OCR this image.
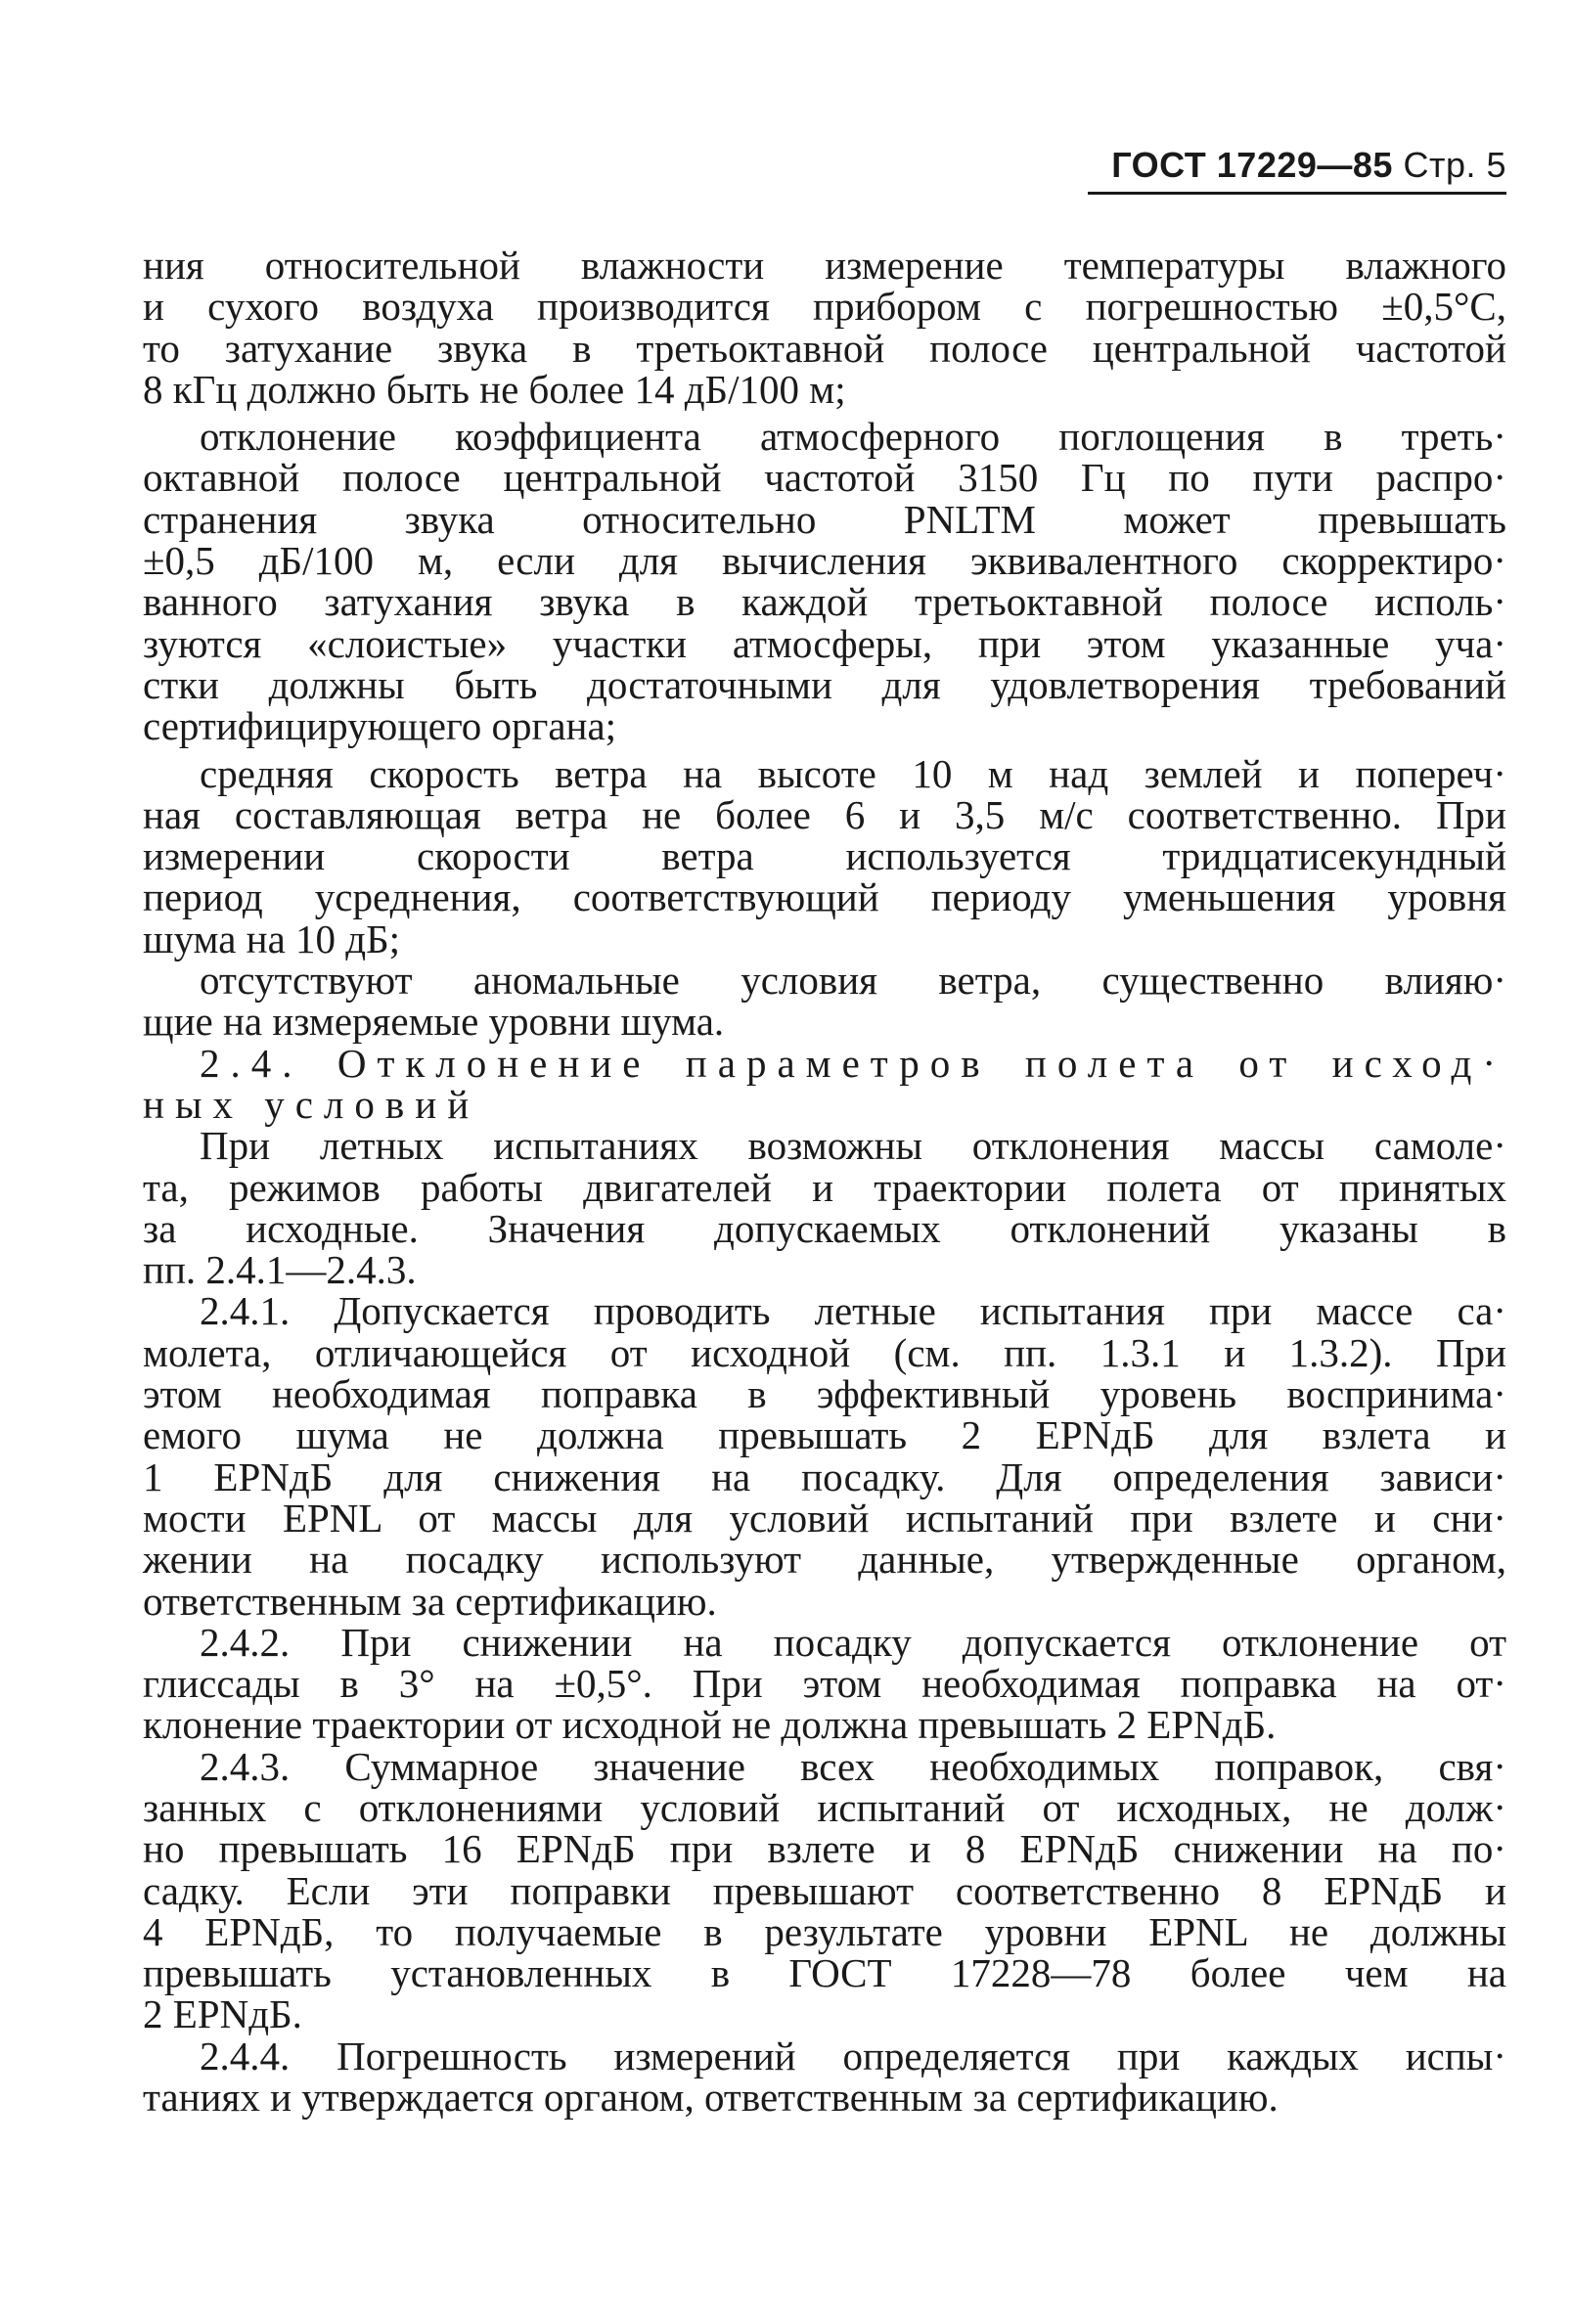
ГОСТ 17229—85 Стр. 5
ния относительной влажности измерение температуры влажного
и сухого воздуха производится прибором с погрешностью ±0,5°С,
то затухание звука в третьоктавной полосе центральной частотой
8 кГц должно быть не более 14 дБ/100 м;
отклонение коэффициента атмосферного поглощения в треть·
октавной полосе центральной частотой 3150 Гц по пути распро·
странения звука относительно PNLTM может превышать
±0,5 дБ/100 м, если для вычисления эквивалентного скорректиро·
ванного затухания звука в каждой третьоктавной полосе исполь·
зуются «слоистые» участки атмосферы, при этом указанные уча·
стки должны быть достаточными для удовлетворения требований
сертифицирующего органа;
средняя скорость ветра на высоте 10 м над землей и попереч·
ная составляющая ветра не более 6 и 3,5 м/с соответственно. При
измерении скорости ветра используется тридцатисекундный
период усреднения, соответствующий периоду уменьшения уровня
шума на 10 дБ;
отсутствуют аномальные условия ветра, существенно влияю·
щие на измеряемые уровни шума.
2.4. Отклонение параметров полета от исход·
ных условий
При летных испытаниях возможны отклонения массы самоле·
та, режимов работы двигателей и траектории полета от принятых
за исходные. Значения допускаемых отклонений указаны в
пп. 2.4.1—2.4.3.
2.4.1. Допускается проводить летные испытания при массе са·
молета, отличающейся от исходной (см. пп. 1.3.1 и 1.3.2). При
этом необходимая поправка в эффективный уровень воспринима·
емого шума не должна превышать 2 EPNдБ для взлета и
1 EPNдБ для снижения на посадку. Для определения зависи·
мости EPNL от массы для условий испытаний при взлете и сни·
жении на посадку используют данные, утвержденные органом,
ответственным за сертификацию.
2.4.2. При снижении на посадку допускается отклонение от
глиссады в 3° на ±0,5°. При этом необходимая поправка на от·
клонение траектории от исходной не должна превышать 2 EPNдБ.
2.4.3. Суммарное значение всех необходимых поправок, свя·
занных с отклонениями условий испытаний от исходных, не долж·
но превышать 16 EPNдБ при взлете и 8 EPNдБ снижении на по·
садку. Если эти поправки превышают соответственно 8 EPNдБ и
4 EPNдБ, то получаемые в результате уровни EPNL не должны
превышать установленных в ГОСТ 17228—78 более чем на
2 EPNдБ.
2.4.4. Погрешность измерений определяется при каждых испы·
таниях и утверждается органом, ответственным за сертификацию.
